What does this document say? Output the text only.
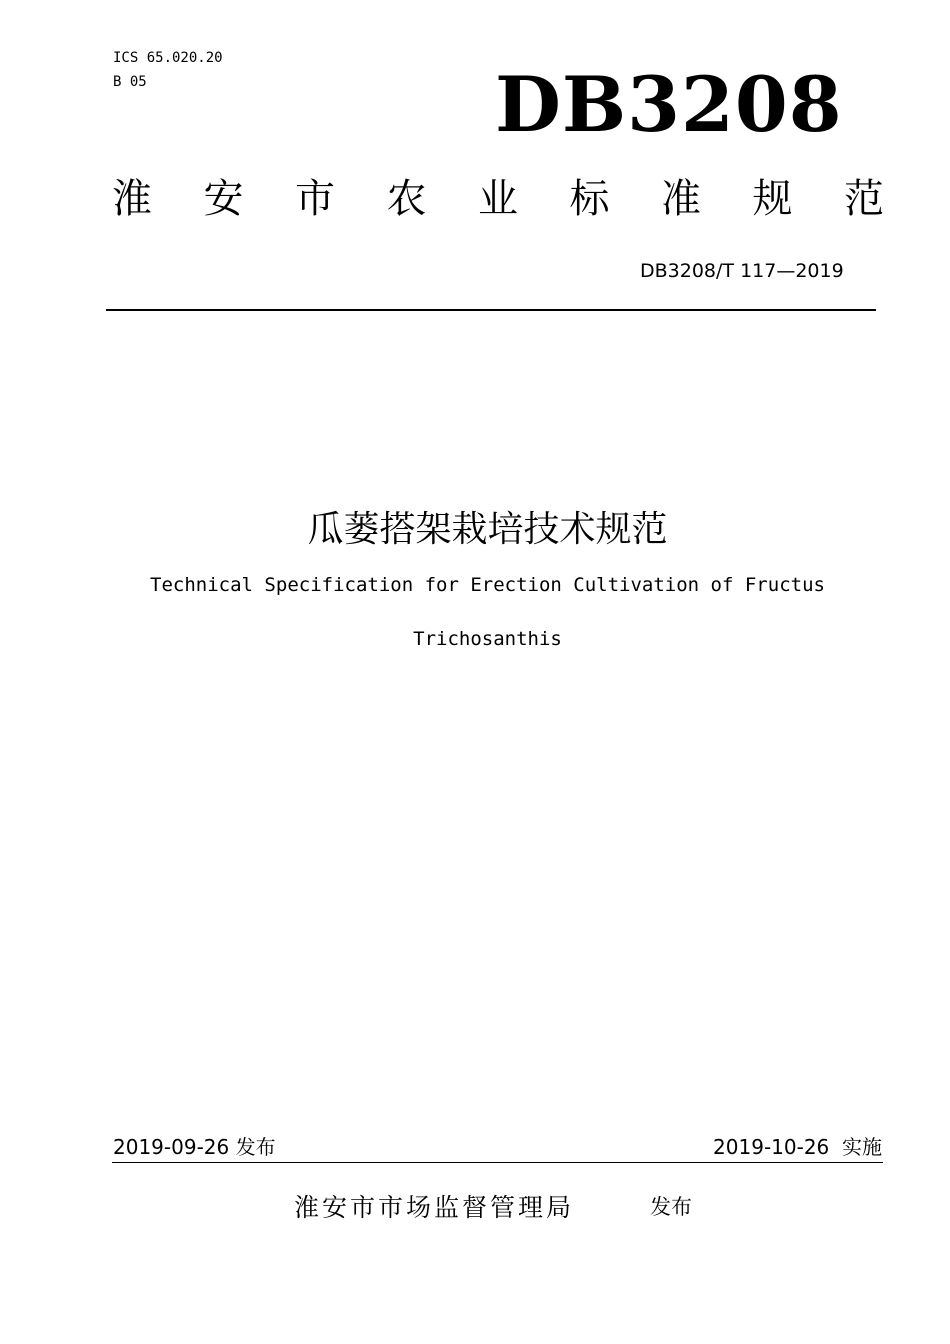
ICS 65.020.20
B 05	DB3208
淮 安 市 农 业 标 准 规 范
DB3208/T 117—2019
瓜蒌搭架栽培技术规范
Technical Specification for Erection Cultivation of Fructus
Trichosanthis
2019-09-26 发布	2019-10-26  实施
淮安市市场监督管理局	发布
